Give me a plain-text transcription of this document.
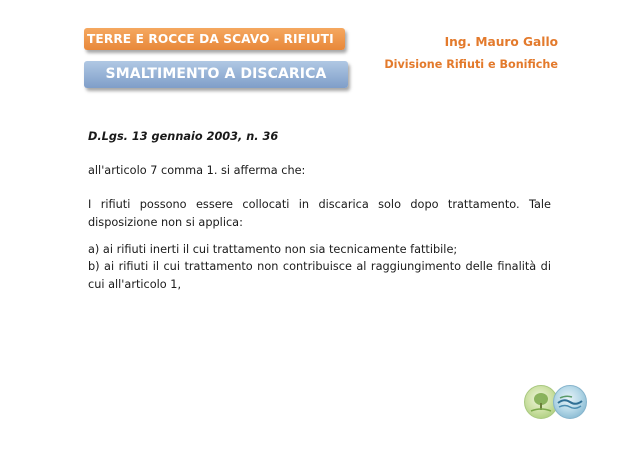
TERRE E ROCCE DA SCAVO - RIFIUTI
SMALTIMENTO A DISCARICA
Ing. Mauro Gallo
Divisione Rifiuti e Bonifiche
D.Lgs. 13 gennaio 2003, n. 36
all'articolo 7 comma 1. si afferma che:
I rifiuti possono essere collocati in discarica solo dopo trattamento. Tale disposizione non si applica:
a) ai rifiuti inerti il cui trattamento non sia tecnicamente fattibile;
b) ai rifiuti il cui trattamento non contribuisce al raggiungimento delle finalità di cui all'articolo 1,
